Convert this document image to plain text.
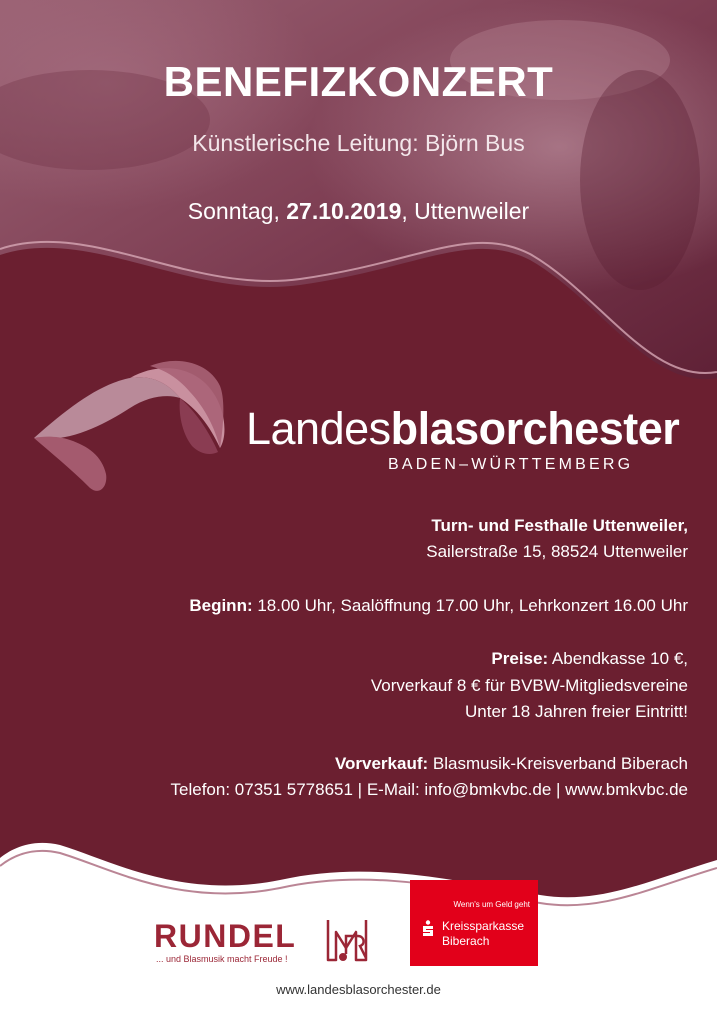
BENEFIZKONZERT
Künstlerische Leitung: Björn Bus
Sonntag, 27.10.2019, Uttenweiler
Landesblasorchester
BADEN–WÜRTTEMBERG
Turn- und Festhalle Uttenweiler,
Sailerstraße 15, 88524 Uttenweiler
Beginn: 18.00 Uhr, Saalöffnung 17.00 Uhr, Lehrkonzert 16.00 Uhr
Preise: Abendkasse 10 €,
Vorverkauf 8 € für BVBW-Mitgliedsvereine
Unter 18 Jahren freier Eintritt!
Vorverkauf: Blasmusik-Kreisverband Biberach
Telefon: 07351 5778651 | E-Mail: info@bmkvbc.de | www.bmkvbc.de
RUNDEL
... und Blasmusik macht Freude !
Wenn's um Geld geht
Kreissparkasse
Biberach
www.landesblasorchester.de
